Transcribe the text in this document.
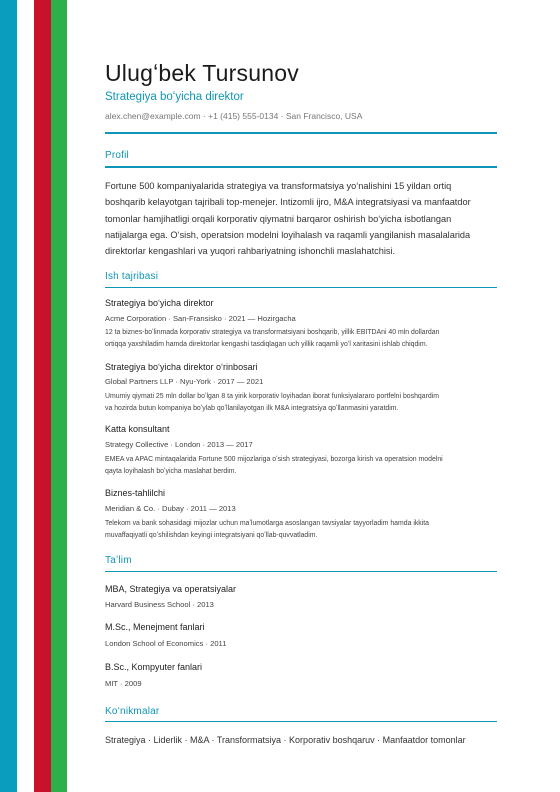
Ulugʻbek Tursunov
Strategiya boʻyicha direktor
alex.chen@example.com · +1 (415) 555-0134 · San Francisco, USA
Profil
Fortune 500 kompaniyalarida strategiya va transformatsiya yoʻnalishini 15 yildan ortiq
boshqarib kelayotgan tajribali top-menejer. Intizomli ijro, M&A integratsiyasi va manfaatdor
tomonlar hamjihatligi orqali korporativ qiymatni barqaror oshirish boʻyicha isbotlangan
natijalarga ega. Oʻsish, operatsion modelni loyihalash va raqamli yangilanish masalalarida
direktorlar kengashlari va yuqori rahbariyatning ishonchli maslahatchisi.
Ish tajribasi
Strategiya boʻyicha direktor
Acme Corporation · San-Fransisko · 2021 — Hozirgacha
12 ta biznes-boʻlinmada korporativ strategiya va transformatsiyani boshqarib, yillik EBITDAni 40 mln dollardan
ortiqqa yaxshiladim hamda direktorlar kengashi tasdiqlagan uch yillik raqamli yoʻl xaritasini ishlab chiqdim.
Strategiya boʻyicha direktor oʻrinbosari
Global Partners LLP · Nyu-York · 2017 — 2021
Umumiy qiymati 25 mln dollar boʻlgan 8 ta yirik korporativ loyihadan iborat funksiyalararo portfelni boshqardim
va hozirda butun kompaniya boʻylab qoʻllanilayotgan ilk M&A integratsiya qoʻllanmasini yaratdim.
Katta konsultant
Strategy Collective · London · 2013 — 2017
EMEA va APAC mintaqalarida Fortune 500 mijozlariga oʻsish strategiyasi, bozorga kirish va operatsion modelni
qayta loyihalash boʻyicha maslahat berdim.
Biznes-tahlilchi
Meridian & Co. · Dubay · 2011 — 2013
Telekom va bank sohasidagi mijozlar uchun maʼlumotlarga asoslangan tavsiyalar tayyorladim hamda ikkita
muvaffaqiyatli qoʻshilishdan keyingi integratsiyani qoʻllab-quvvatladim.
Taʼlim
MBA, Strategiya va operatsiyalar
Harvard Business School · 2013
M.Sc., Menejment fanlari
London School of Economics · 2011
B.Sc., Kompyuter fanlari
MIT · 2009
Koʻnikmalar
Strategiya · Liderlik · M&A · Transformatsiya · Korporativ boshqaruv · Manfaatdor tomonlar
